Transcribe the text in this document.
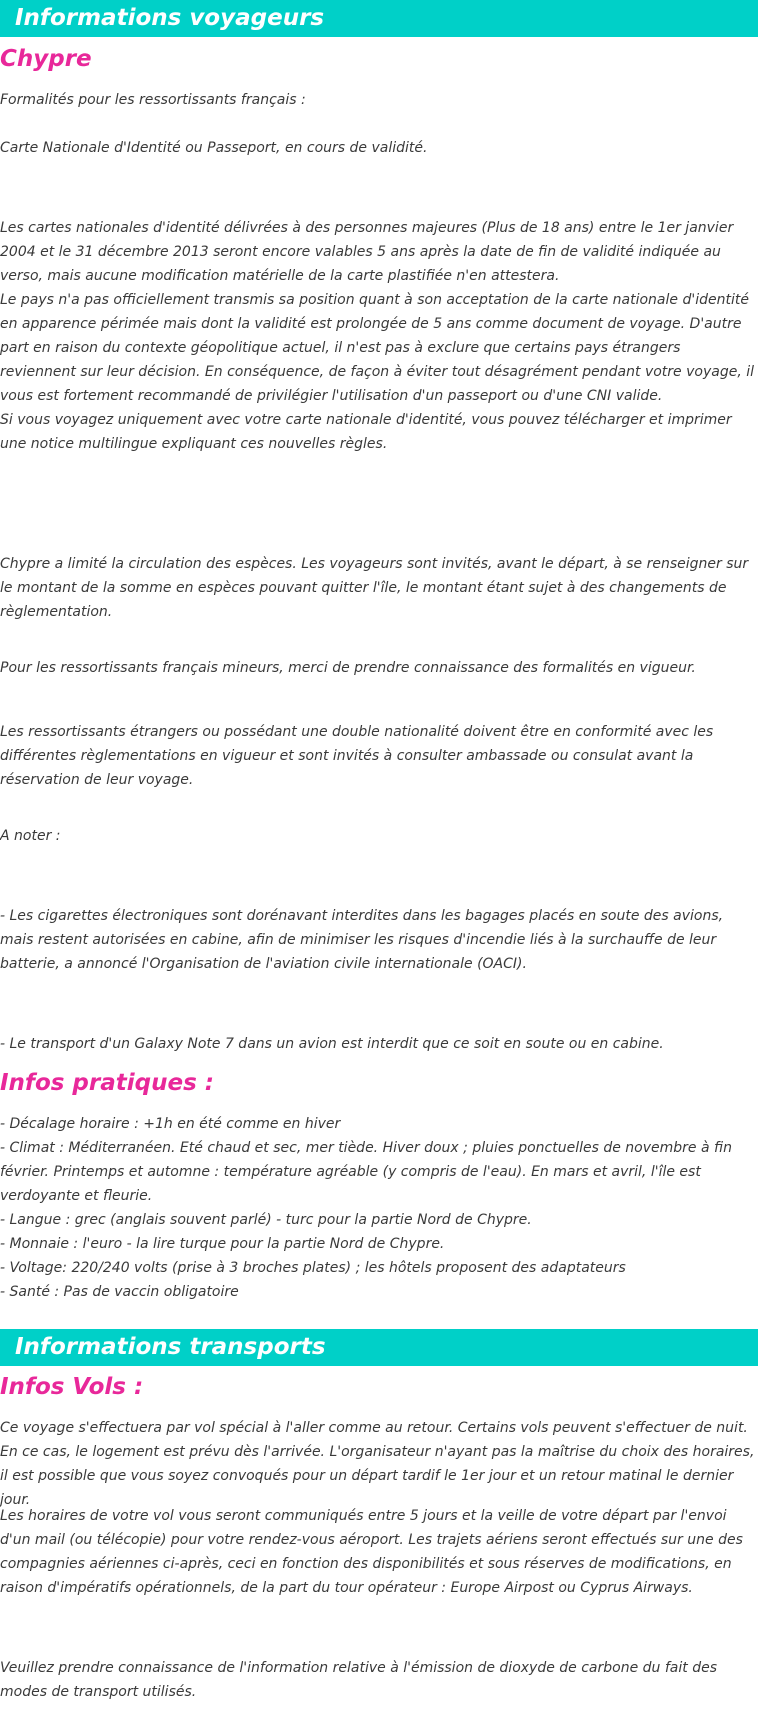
Informations voyageurs
Chypre

Formalités pour les ressortissants français :

Carte Nationale d'Identité ou Passeport, en cours de validité.

Les cartes nationales d'identité délivrées à des personnes majeures (Plus de 18 ans) entre le 1er janvier 2004 et le 31 décembre 2013 seront encore valables 5 ans après la date de fin de validité indiquée au verso, mais aucune modification matérielle de la carte plastifiée n'en attestera.
Le pays n'a pas officiellement transmis sa position quant à son acceptation de la carte nationale d'identité en apparence périmée mais dont la validité est prolongée de 5 ans comme document de voyage. D'autre part en raison du contexte géopolitique actuel, il n'est pas à exclure que certains pays étrangers reviennent sur leur décision. En conséquence, de façon à éviter tout désagrément pendant votre voyage, il vous est fortement recommandé de privilégier l'utilisation d'un passeport ou d'une CNI valide.
Si vous voyagez uniquement avec votre carte nationale d'identité, vous pouvez télécharger et imprimer une notice multilingue expliquant ces nouvelles règles.

Chypre a limité la circulation des espèces. Les voyageurs sont invités, avant le départ, à se renseigner sur le montant de la somme en espèces pouvant quitter l'île, le montant étant sujet à des changements de règlementation.

Pour les ressortissants français mineurs, merci de prendre connaissance des formalités en vigueur.

Les ressortissants étrangers ou possédant une double nationalité doivent être en conformité avec les différentes règlementations en vigueur et sont invités à consulter ambassade ou consulat avant la réservation de leur voyage.

A noter :

- Les cigarettes électroniques sont dorénavant interdites dans les bagages placés en soute des avions, mais restent autorisées en cabine, afin de minimiser les risques d'incendie liés à la surchauffe de leur batterie, a annoncé l'Organisation de l'aviation civile internationale (OACI).

- Le transport d'un Galaxy Note 7 dans un avion est interdit que ce soit en soute ou en cabine.

Infos pratiques :

- Décalage horaire : +1h en été comme en hiver
- Climat : Méditerranéen. Eté chaud et sec, mer tiède. Hiver doux ; pluies ponctuelles de novembre à fin février. Printemps et automne : température agréable (y compris de l'eau). En mars et avril, l'île est verdoyante et fleurie.
- Langue : grec (anglais souvent parlé) - turc pour la partie Nord de Chypre.
- Monnaie : l'euro - la lire turque pour la partie Nord de Chypre.
- Voltage: 220/240 volts (prise à 3 broches plates) ; les hôtels proposent des adaptateurs
- Santé : Pas de vaccin obligatoire

Informations transports
Infos Vols :

Ce voyage s'effectuera par vol spécial à l'aller comme au retour. Certains vols peuvent s'effectuer de nuit. En ce cas, le logement est prévu dès l'arrivée. L'organisateur n'ayant pas la maîtrise du choix des horaires, il est possible que vous soyez convoqués pour un départ tardif le 1er jour et un retour matinal le dernier jour.

Les horaires de votre vol vous seront communiqués entre 5 jours et la veille de votre départ par l'envoi d'un mail (ou télécopie) pour votre rendez-vous aéroport. Les trajets aériens seront effectués sur une des compagnies aériennes ci-après, ceci en fonction des disponibilités et sous réserves de modifications, en raison d'impératifs opérationnels, de la part du tour opérateur : Europe Airpost ou Cyprus Airways.

Veuillez prendre connaissance de l'information relative à l'émission de dioxyde de carbone du fait des modes de transport utilisés.
